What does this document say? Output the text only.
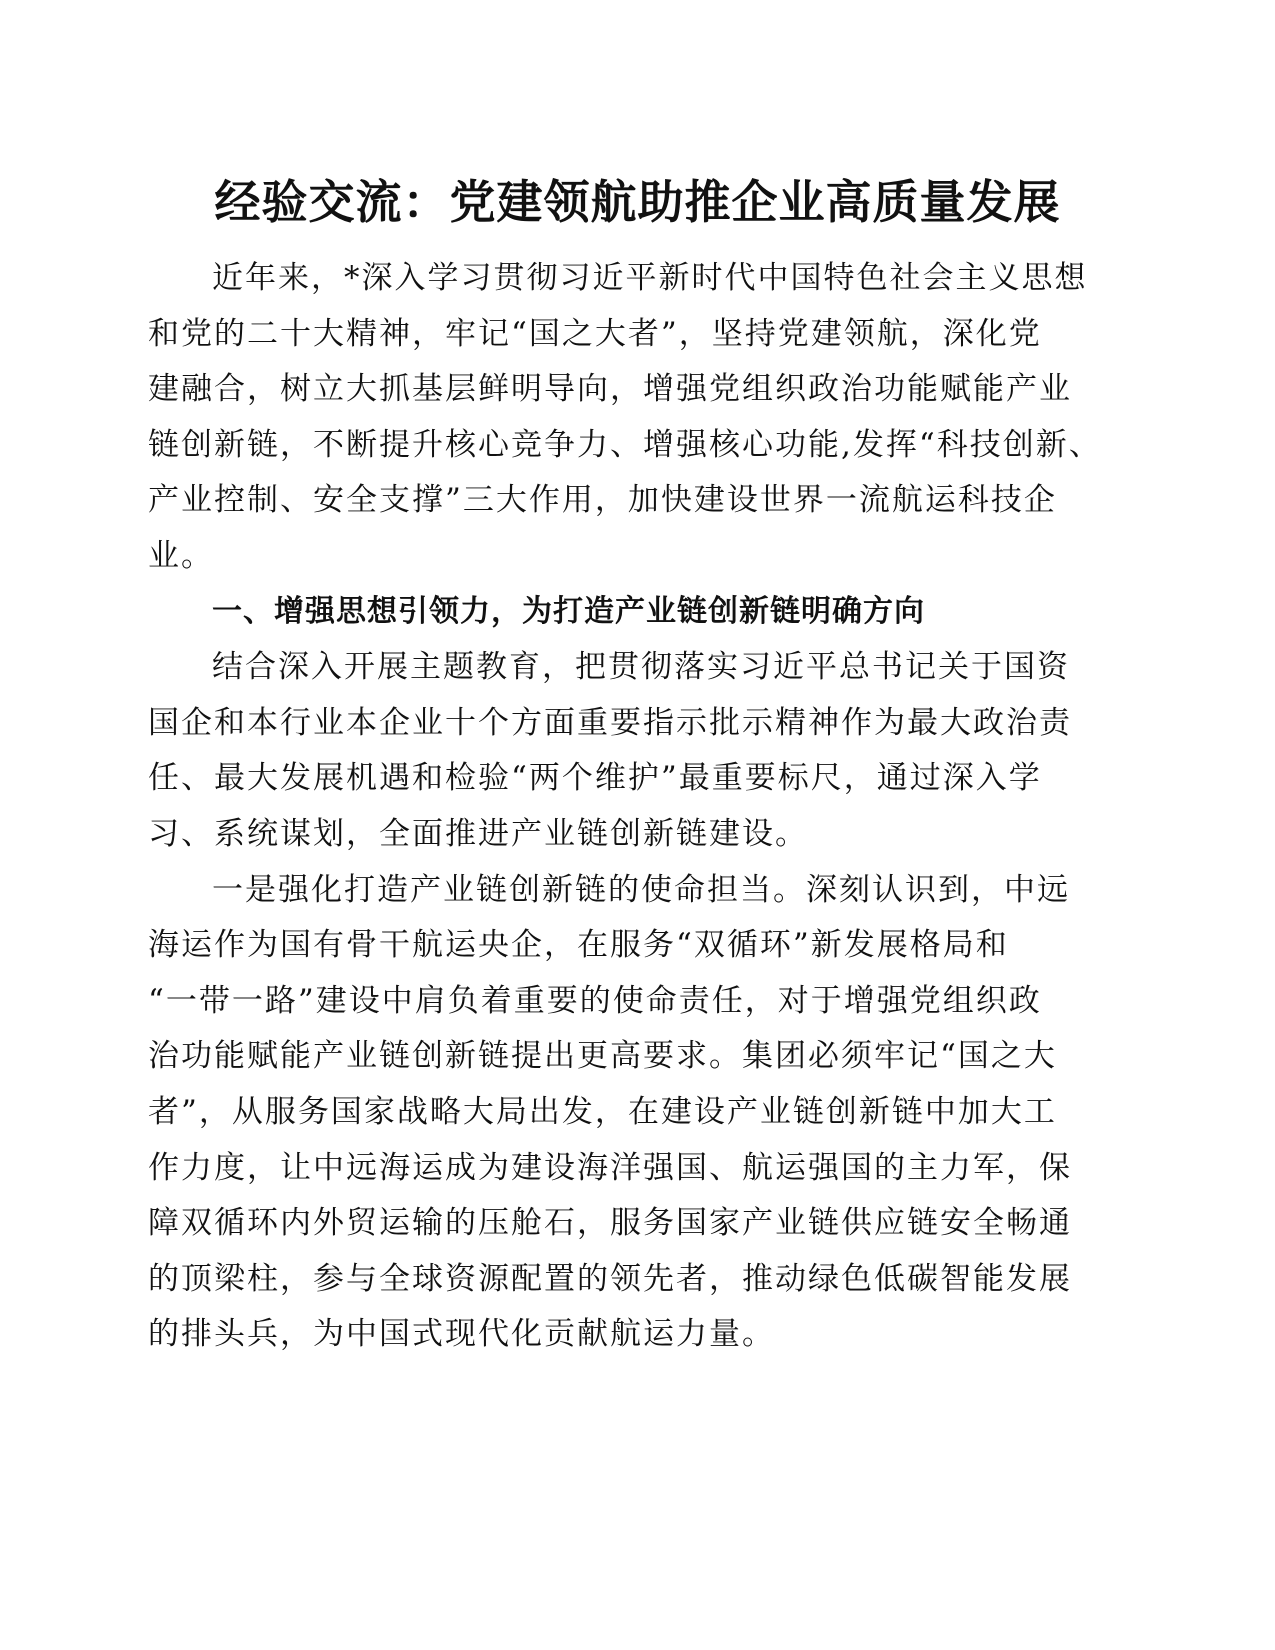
经验交流：党建领航助推企业高质量发展
近年来，*深入学习贯彻习近平新时代中国特色社会主义思想
和党的二十大精神，牢记“国之大者”，坚持党建领航，深化党
建融合，树立大抓基层鲜明导向，增强党组织政治功能赋能产业
链创新链，不断提升核心竞争力、增强核心功能,发挥“科技创新、
产业控制、安全支撑”三大作用，加快建设世界一流航运科技企
业。
一、增强思想引领力，为打造产业链创新链明确方向
结合深入开展主题教育，把贯彻落实习近平总书记关于国资
国企和本行业本企业十个方面重要指示批示精神作为最大政治责
任、最大发展机遇和检验“两个维护”最重要标尺，通过深入学
习、系统谋划，全面推进产业链创新链建设。
一是强化打造产业链创新链的使命担当。深刻认识到，中远
海运作为国有骨干航运央企，在服务“双循环”新发展格局和
“一带一路”建设中肩负着重要的使命责任，对于增强党组织政
治功能赋能产业链创新链提出更高要求。集团必须牢记“国之大
者”，从服务国家战略大局出发，在建设产业链创新链中加大工
作力度，让中远海运成为建设海洋强国、航运强国的主力军，保
障双循环内外贸运输的压舱石，服务国家产业链供应链安全畅通
的顶梁柱，参与全球资源配置的领先者，推动绿色低碳智能发展
的排头兵，为中国式现代化贡献航运力量。
